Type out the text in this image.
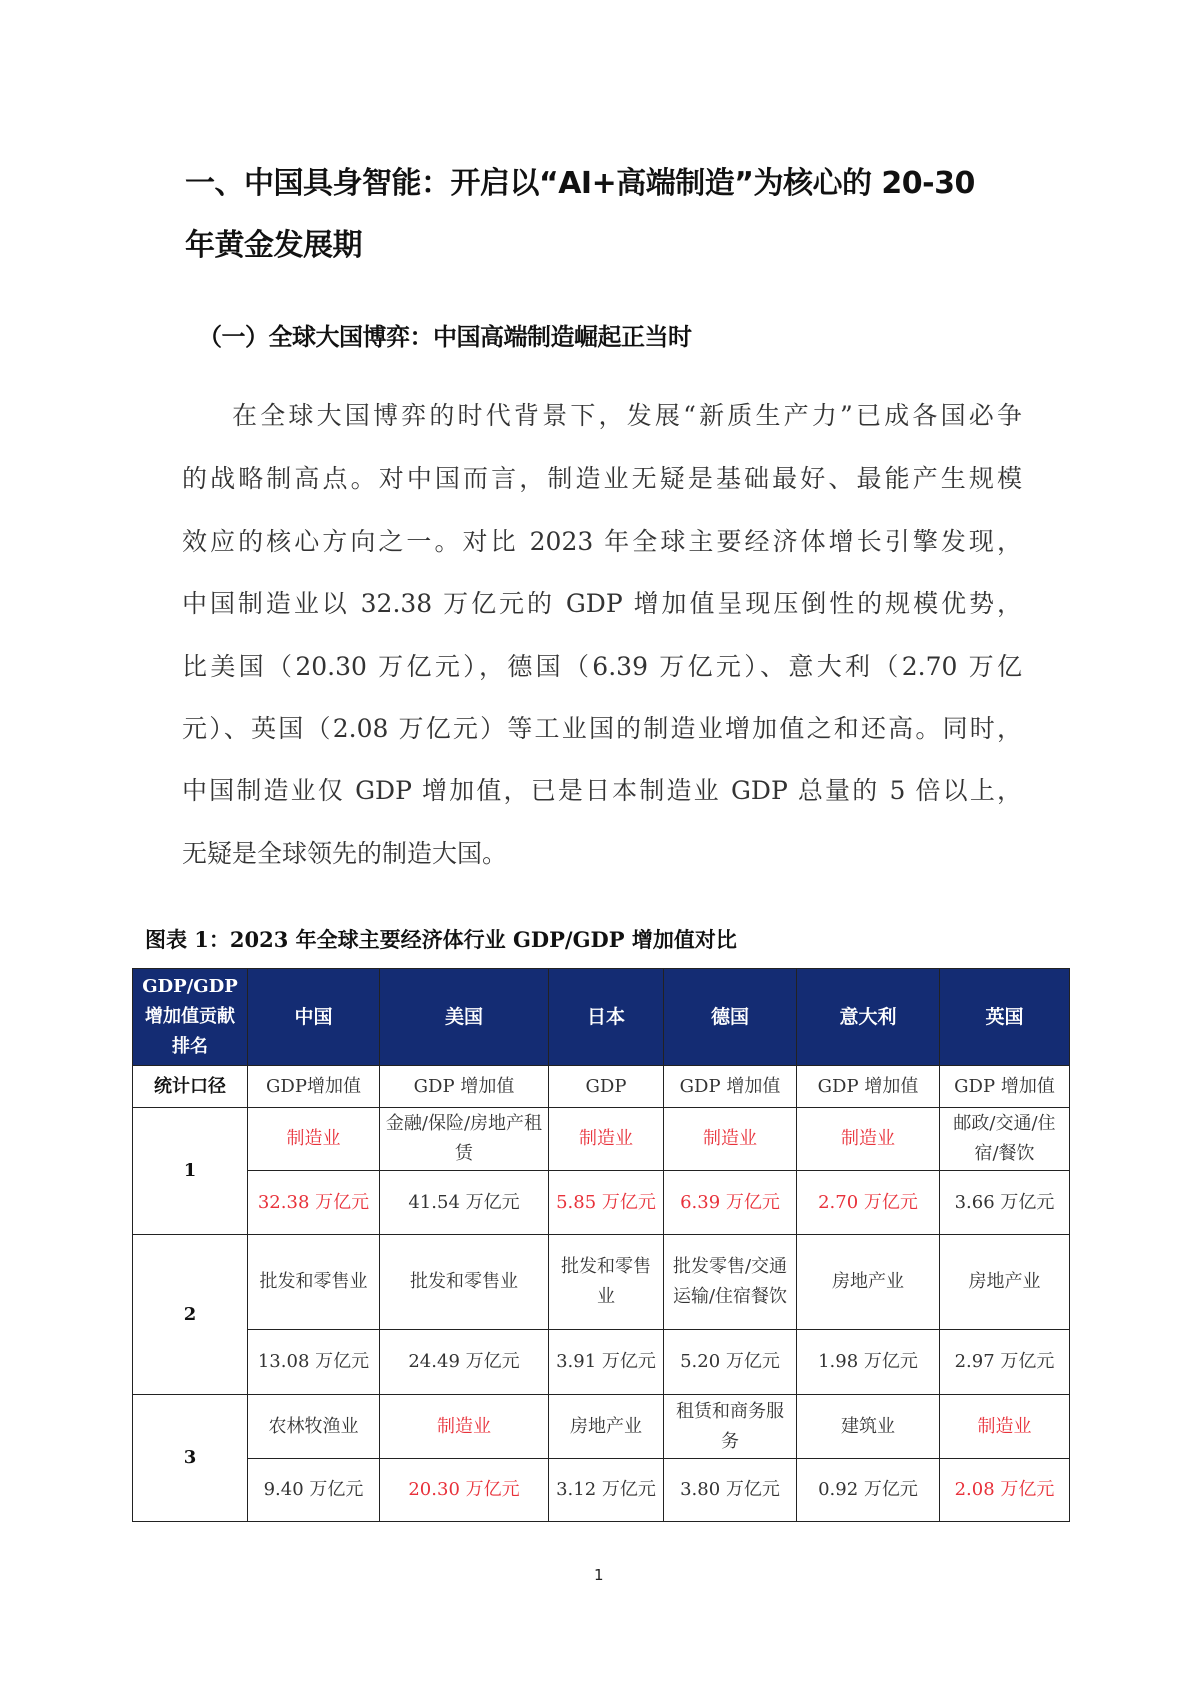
一、中国具身智能：开启以“AI+高端制造”为核心的 20-30
年黄金发展期
（一）全球大国博弈：中国高端制造崛起正当时
在全球大国博弈的时代背景下，发展“新质生产力”已成各国必争
的战略制高点。对中国而言，制造业无疑是基础最好、最能产生规模
效应的核心方向之一。对比 2023 年全球主要经济体增长引擎发现，
中国制造业以 32.38 万亿元的 GDP 增加值呈现压倒性的规模优势，
比美国（20.30 万亿元），德国（6.39 万亿元）、意大利（2.70 万亿
元）、英国（2.08 万亿元）等工业国的制造业增加值之和还高。同时，
中国制造业仅 GDP 增加值，已是日本制造业 GDP 总量的 5 倍以上，
无疑是全球领先的制造大国。
图表 1：2023 年全球主要经济体行业 GDP/GDP 增加值对比
GDP/GDP 增加值贡献排名	中国	美国	日本	德国	意大利	英国
统计口径	GDP增加值	GDP 增加值	GDP	GDP 增加值	GDP 增加值	GDP 增加值
1	制造业	金融/保险/房地产租赁	制造业	制造业	制造业	邮政/交通/住宿/餐饮
	32.38 万亿元	41.54 万亿元	5.85 万亿元	6.39 万亿元	2.70 万亿元	3.66 万亿元
2	批发和零售业	批发和零售业	批发和零售业	批发零售/交通运输/住宿餐饮	房地产业	房地产业
	13.08 万亿元	24.49 万亿元	3.91 万亿元	5.20 万亿元	1.98 万亿元	2.97 万亿元
3	农林牧渔业	制造业	房地产业	租赁和商务服务	建筑业	制造业
	9.40 万亿元	20.30 万亿元	3.12 万亿元	3.80 万亿元	0.92 万亿元	2.08 万亿元
1
